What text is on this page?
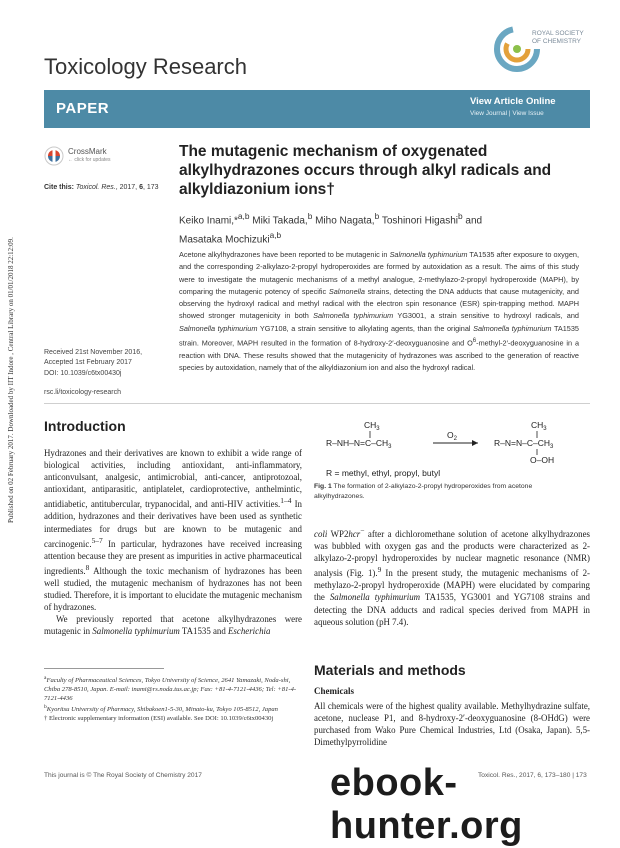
Published on 02 February 2017. Downloaded by IIT Indore , Central Library on 01/01/2018 22:12:09.
Toxicology Research
ROYAL SOCIETY
OF CHEMISTRY
PAPER	View Article Online
View Journal | View Issue
CrossMark
← click for updates
Cite this: Toxicol. Res., 2017, 6, 173
The mutagenic mechanism of oxygenated alkylhydrazones occurs through alkyl radicals and alkyldiazonium ions†
Keiko Inami,*$^{a,b}$ Miki Takada,$^b$ Miho Nagata,$^b$ Toshinori Higashi$^b$ and
Masataka Mochizuki$^{a,b}$

Acetone alkylhydrazones have been reported to be mutagenic in Salmonella typhimurium TA1535 after exposure to oxygen, and the corresponding 2-alkylazo-2-propyl hydroperoxides are formed by autoxidation as a result. The aims of this study were to investigate the mutagenic mechanisms of a methyl analogue, 2-methylazo-2-propyl hydroperoxide (MAPH), by comparing the mutagenic potency of specific Salmonella strains, detecting the DNA adducts that cause mutagenicity, and observing the hydroxyl radical and methyl radical with the electron spin resonance (ESR) spin-trapping method. MAPH showed stronger mutagenicity in both Salmonella typhimurium YG3001, a strain sensitive to hydroxyl radicals, and Salmonella typhimurium YG7108, a strain sensitive to alkylating agents, than the original Salmonella typhimurium TA1535 strain. Moreover, MAPH resulted in the formation of 8-hydroxy-2′-deoxyguanosine and $O^6-methyl-2'$-deoxyguanosine in a reaction with DNA. These results showed that the mutagenicity of hydrazones was ascribed to the generation of reactive species by autoxidation, namely that of the alkyldiazonium ion and also the hydroxyl radical.

Received 21st November 2016,
Accepted 1st February 2017
DOI: 10.1039/c6tx00430j
rsc.li/toxicology-research
Introduction

Hydrazones and their derivatives are known to exhibit a wide range of biological activities, including antioxidant, anti-inflammatory, anticonvulsant, analgesic, antimicrobial, anti-cancer, antiprotozoal, antioxidant, antiparasitic, antiplatelet, cardioprotective, anthelmintic, antidiabetic, antitubercular, trypanocidal, and anti-HIV activities.$^{1-4}$ In addition, hydrazones and their derivatives have been used as synthetic intermediates for drugs but are known to be mutagenic and carcinogenic.$^{5-7}$ In particular, hydrazones have received increasing attention because they are present as impurities in active pharmaceutical ingredients.$^8$ Although the toxic mechanism of hydrazones has been well studied, the mutagenic mechanism of hydrazones has not been studied. Therefore, it is important to elucidate the mutagenic mechanism of hydrazones.

We previously reported that acetone alkylhydrazones were mutagenic in Salmonella typhimurium TA1535 and Escherichia

$CH_3$
$R-NH-N=C-CH_3$
$O_2$
$CH_3$
$R-N=N-C-CH_3$
O–OH
R = methyl, ethyl, propyl, butyl
Fig. 1 The formation of 2-alkylazo-2-propyl hydroperoxides from acetone alkylhydrazones.
coli WP2hcr− after a dichloromethane solution of acetone alkylhydrazones was bubbled with oxygen gas and the products were characterized as 2-alkylazo-2-propyl hydroperoxides by nuclear magnetic resonance (NMR) analysis (Fig. 1).$^9$ In the present study, the mutagenic mechanisms of 2-methylazo-2-propyl hydroperoxide (MAPH) were elucidated by comparing the Salmonella typhimurium TA1535, YG3001 and YG7108 strains and detecting the DNA adducts and radical species derived from MAPH in aqueous solution (pH 7.4).
Materials and methods
Chemicals
All chemicals were of the highest quality available. Methylhydrazine sulfate, acetone, nuclease P1, and 8-hydroxy-2′-deoxyguanosine (8-OHdG) were purchased from Wako Pure Chemical Industries, Ltd (Osaka, Japan). 5,5-Dimethylpyrrolidine
$^a$Faculty of Pharmaceutical Sciences, Tokyo University of Science, 2641 Yamazaki, Noda-shi, Chiba 278-8510, Japan. E-mail: inami@rs.noda.tus.ac.jp; Fax: +81-4-7121-4436; Tel: +81-4-7121-4436
$^b$Kyoritsu University of Pharmacy, Shibakoen1-5-30, Minato-ku, Tokyo 105-8512, Japan
† Electronic supplementary information (ESI) available. See DOI: 10.1039/c6tx00430j
This journal is © The Royal Society of Chemistry 2017	Toxicol. Res., 2017, 6, 173–180 | 173
ebook-hunter.org
